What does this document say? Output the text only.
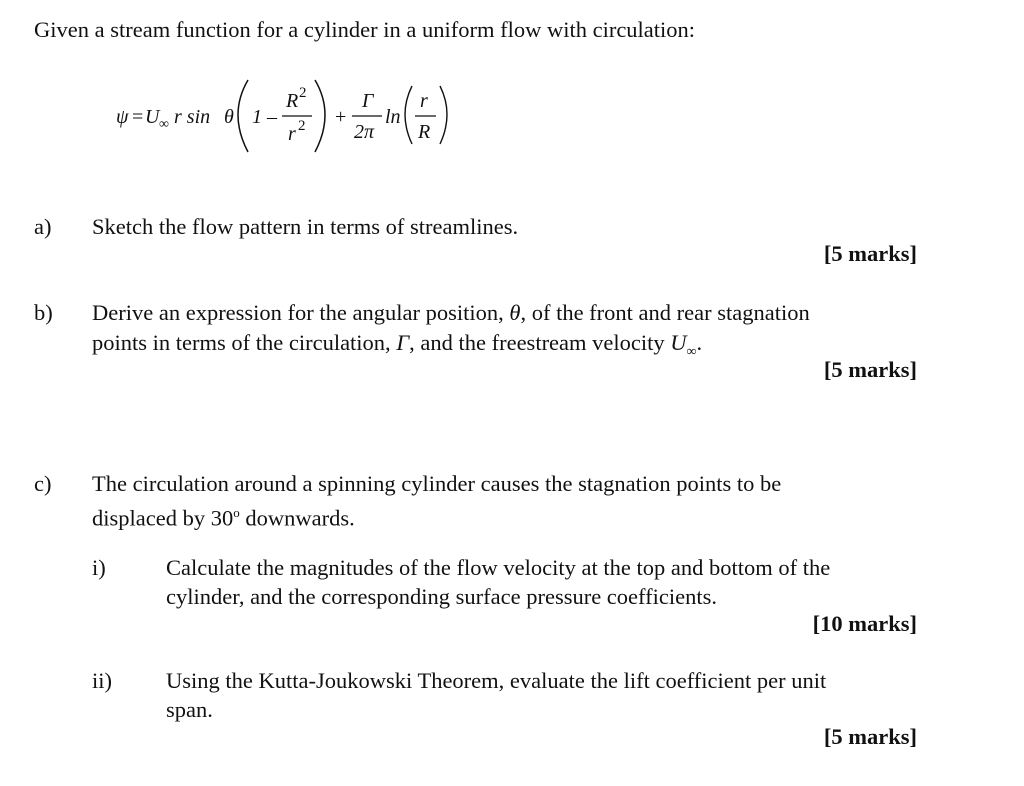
Given a stream function for a cylinder in a uniform flow with circulation:
ψ = U ∞ r sin θ 1 –
R 2
r 2 +
Γ
2π
ln
r
R
a) Sketch the flow pattern in terms of streamlines.
[5 marks]
b) Derive an expression for the angular position, θ, of the front and rear stagnation
points in terms of the circulation, Γ, and the freestream velocity $U_\infty$.
[5 marks]
c) The circulation around a spinning cylinder causes the stagnation points to be
displaced by 30$^o$ downwards.
i)	Calculate the magnitudes of the flow velocity at the top and bottom of the
cylinder, and the corresponding surface pressure coefficients.
[10 marks]
ii) Using the Kutta-Joukowski Theorem, evaluate the lift coefficient per unit
span.
[5 marks]
